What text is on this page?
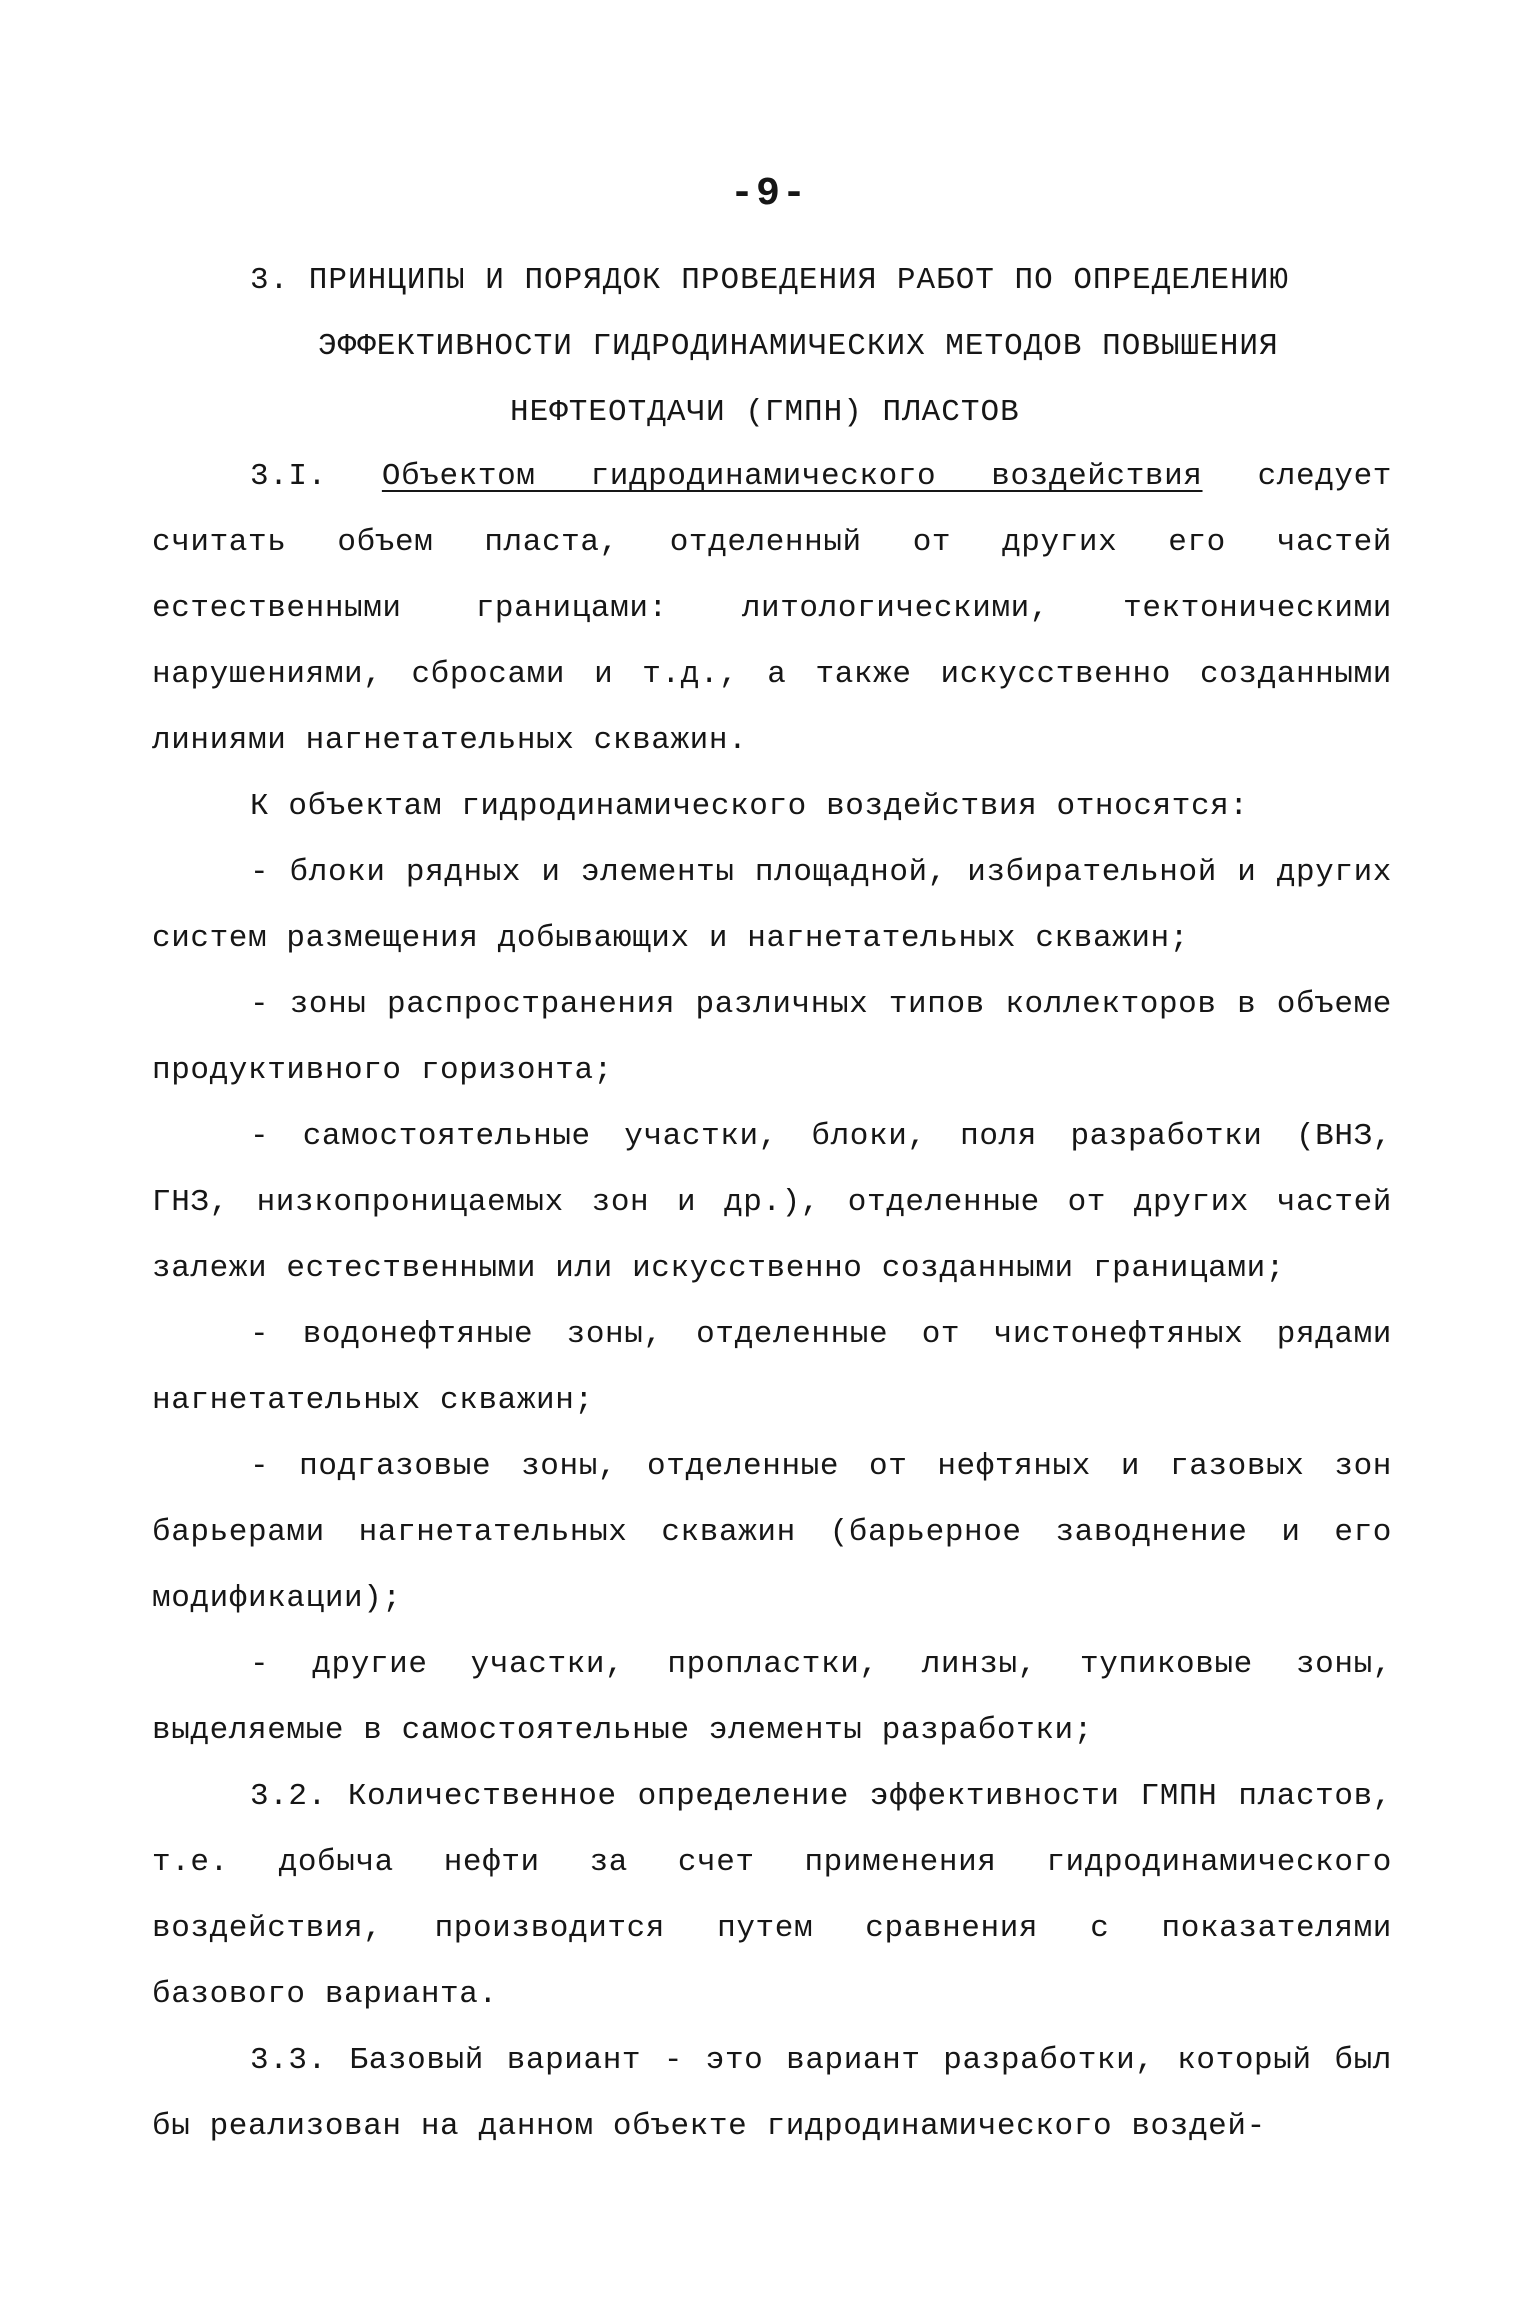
-9-
3. ПРИНЦИПЫ И ПОРЯДОК ПРОВЕДЕНИЯ РАБОТ ПО ОПРЕДЕЛЕНИЮ
ЭФФЕКТИВНОСТИ ГИДРОДИНАМИЧЕСКИХ МЕТОДОВ ПОВЫШЕНИЯ
НЕФТЕОТДАЧИ (ГМПН) ПЛАСТОВ

3.I. Объектом гидродинамического воздействия следует считать объем пласта, отделенный от других его частей естественными границами: литологическими, тектоническими нарушениями, сбросами и т.д., а также искусственно созданными линиями нагнетательных скважин.

К объектам гидродинамического воздействия относятся:

- блоки рядных и элементы площадной, избирательной и других систем размещения добывающих и нагнетательных скважин;

- зоны распространения различных типов коллекторов в объеме продуктивного горизонта;

- самостоятельные участки, блоки, поля разработки (ВНЗ, ГНЗ, низкопроницаемых зон и др.), отделенные от других частей залежи естественными или искусственно созданными границами;

- водонефтяные зоны, отделенные от чистонефтяных рядами нагнетательных скважин;

- подгазовые зоны, отделенные от нефтяных и газовых зон барьерами нагнетательных скважин (барьерное заводнение и его модификации);

- другие участки, пропластки, линзы, тупиковые зоны, выделяемые в самостоятельные элементы разработки;

3.2. Количественное определение эффективности ГМПН пластов, т.е. добыча нефти за счет применения гидродинамического воздействия, производится путем сравнения с показателями базового варианта.

3.3. Базовый вариант - это вариант разработки, который был бы реализован на данном объекте гидродинамического воздей-
